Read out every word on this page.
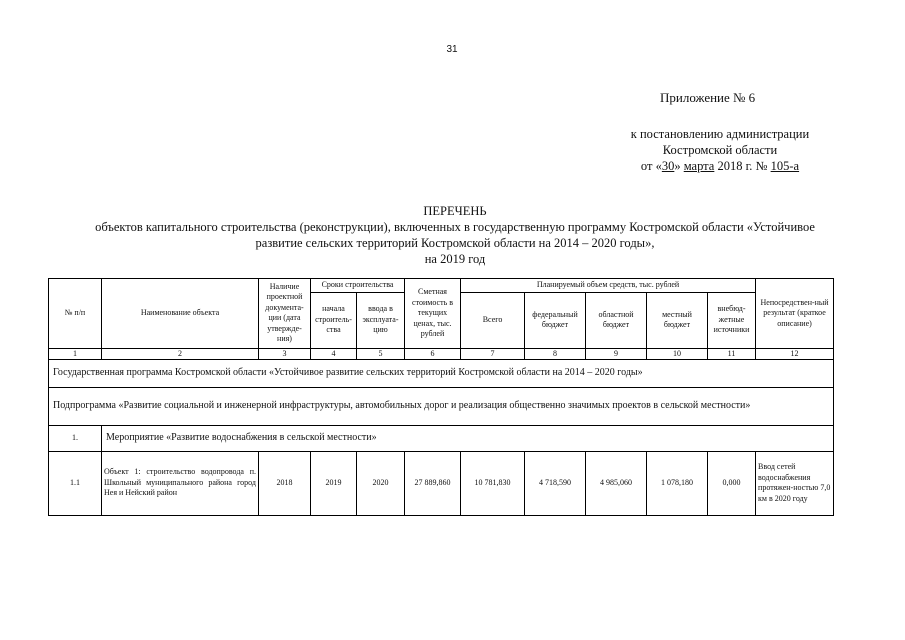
31
Приложение № 6
к постановлению администрации
Костромской области
от «30» марта 2018 г. № 105-а
ПЕРЕЧЕНЬ
объектов капитального строительства (реконструкции), включенных в государственную программу Костромской области «Устойчивое
развитие сельских территорий Костромской области на 2014 – 2020 годы»,
на 2019 год
№ п/п	Наименование объекта	Наличие проектной документа-ции (дата утвержде-ния)	Сроки строительства		Сметная стоимость в текущих ценах, тыс. рублей	Планируемый объем средств, тыс. рублей					Непосредствен-ный результат (краткое описание)
			начала строитель-ства	ввода в эксплуата-цию		Всего	федеральный бюджет	областной бюджет	местный бюджет	внебюд-жетные источники	
1	2	3	4	5	6	7	8	9	10	11	12
Государственная программа Костромской области «Устойчивое развитие сельских территорий Костромской области на 2014 – 2020 годы»											
Подпрограмма «Развитие социальной и инженерной инфраструктуры, автомобильных дорог и реализация общественно значимых проектов в сельской местности»											
1.	Мероприятие «Развитие водоснабжения в сельской местности»										
1.1	Объект 1: строительство водопровода п. Школьный муниципального района город Нея и Нейский район	2018	2019	2020	27 889,860	10 781,830	4 718,590	4 985,060	1 078,180	0,000	Ввод сетей водоснабжения протяжен-ностью 7,0 км в 2020 году
